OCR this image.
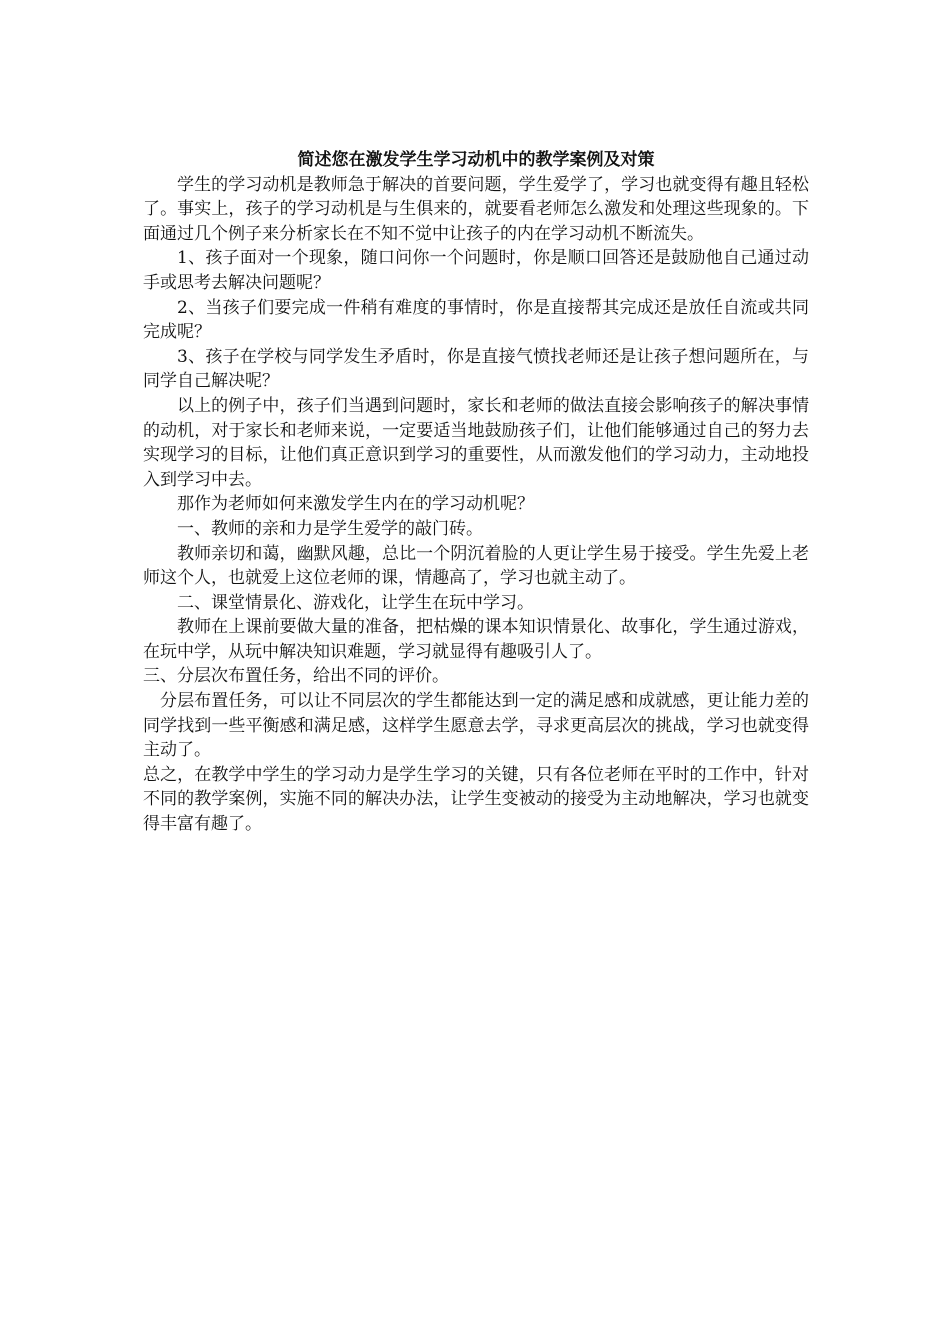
简述您在激发学生学习动机中的教学案例及对策

学生的学习动机是教师急于解决的首要问题，学生爱学了，学习也就变得有趣且轻松了。事实上，孩子的学习动机是与生俱来的，就要看老师怎么激发和处理这些现象的。下面通过几个例子来分析家长在不知不觉中让孩子的内在学习动机不断流失。

1、孩子面对一个现象，随口问你一个问题时，你是顺口回答还是鼓励他自己通过动手或思考去解决问题呢？

2、当孩子们要完成一件稍有难度的事情时，你是直接帮其完成还是放任自流或共同完成呢？

3、孩子在学校与同学发生矛盾时，你是直接气愤找老师还是让孩子想问题所在，与同学自己解决呢？

以上的例子中，孩子们当遇到问题时，家长和老师的做法直接会影响孩子的解决事情的动机，对于家长和老师来说，一定要适当地鼓励孩子们，让他们能够通过自己的努力去实现学习的目标，让他们真正意识到学习的重要性，从而激发他们的学习动力，主动地投入到学习中去。

那作为老师如何来激发学生内在的学习动机呢？

一、教师的亲和力是学生爱学的敲门砖。

教师亲切和蔼，幽默风趣，总比一个阴沉着脸的人更让学生易于接受。学生先爱上老师这个人，也就爱上这位老师的课，情趣高了，学习也就主动了。

二、课堂情景化、游戏化，让学生在玩中学习。

教师在上课前要做大量的准备，把枯燥的课本知识情景化、故事化，学生通过游戏，在玩中学，从玩中解决知识难题，学习就显得有趣吸引人了。

三、分层次布置任务，给出不同的评价。

分层布置任务，可以让不同层次的学生都能达到一定的满足感和成就感，更让能力差的同学找到一些平衡感和满足感，这样学生愿意去学，寻求更高层次的挑战，学习也就变得主动了。

总之，在教学中学生的学习动力是学生学习的关键，只有各位老师在平时的工作中，针对不同的教学案例，实施不同的解决办法，让学生变被动的接受为主动地解决，学习也就变得丰富有趣了。
